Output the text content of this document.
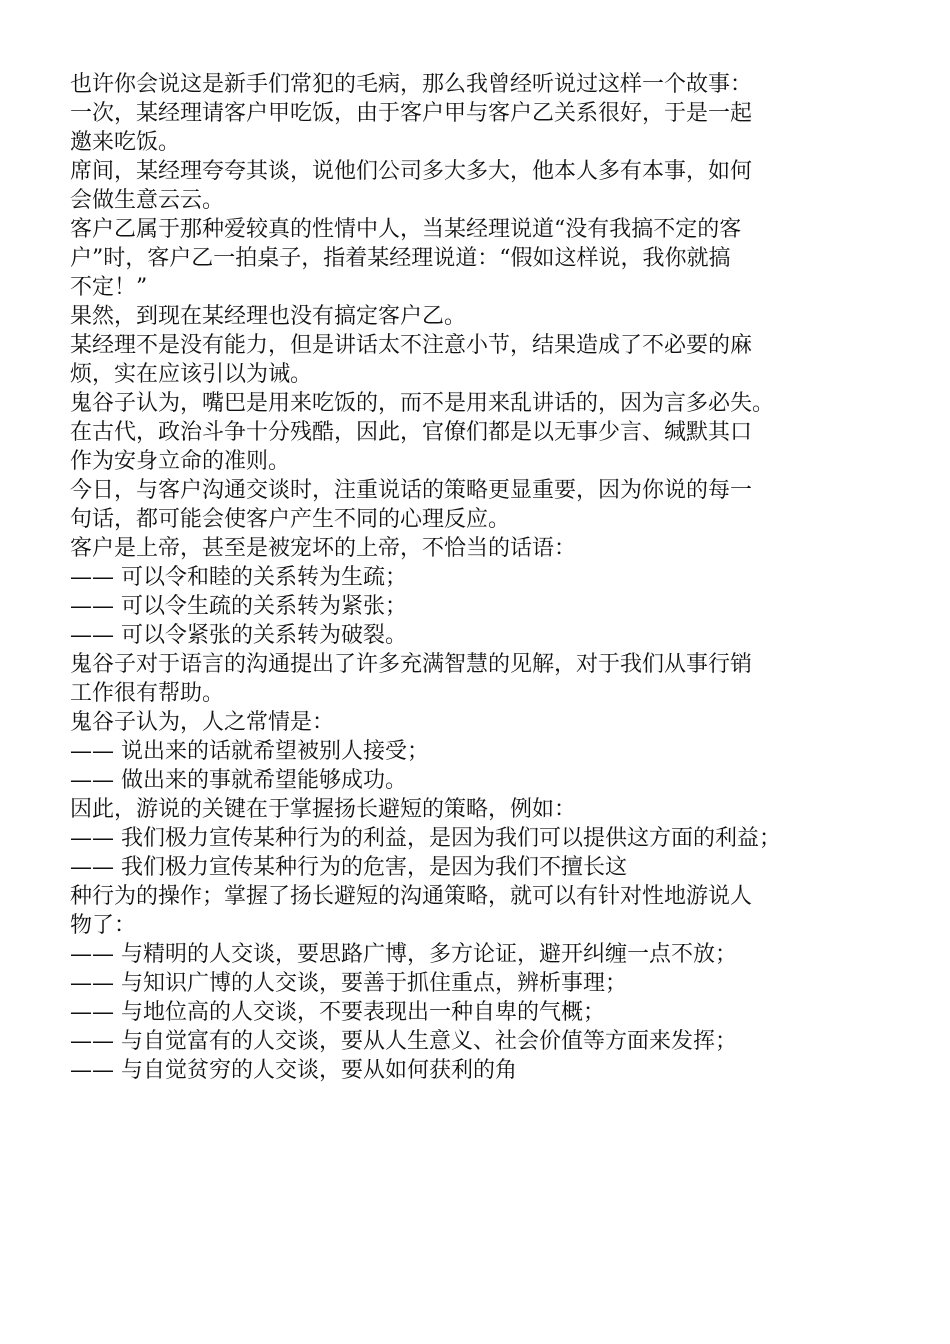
也许你会说这是新手们常犯的毛病，那么我曾经听说过这样一个故事：
一次，某经理请客户甲吃饭，由于客户甲与客户乙关系很好，于是一起
邀来吃饭。
席间，某经理夸夸其谈，说他们公司多大多大，他本人多有本事，如何
会做生意云云。
客户乙属于那种爱较真的性情中人，当某经理说道“没有我搞不定的客
户”时，客户乙一拍桌子，指着某经理说道：“假如这样说，我你就搞
不定！”
果然，到现在某经理也没有搞定客户乙。
某经理不是没有能力，但是讲话太不注意小节，结果造成了不必要的麻
烦，实在应该引以为诫。
鬼谷子认为，嘴巴是用来吃饭的，而不是用来乱讲话的，因为言多必失。
在古代，政治斗争十分残酷，因此，官僚们都是以无事少言、缄默其口
作为安身立命的准则。
今日，与客户沟通交谈时，注重说话的策略更显重要，因为你说的每一
句话，都可能会使客户产生不同的心理反应。
客户是上帝，甚至是被宠坏的上帝，不恰当的话语：
—— 可以令和睦的关系转为生疏；
—— 可以令生疏的关系转为紧张；
—— 可以令紧张的关系转为破裂。
鬼谷子对于语言的沟通提出了许多充满智慧的见解，对于我们从事行销
工作很有帮助。
鬼谷子认为，人之常情是：
—— 说出来的话就希望被别人接受；
—— 做出来的事就希望能够成功。
因此，游说的关键在于掌握扬长避短的策略，例如：
—— 我们极力宣传某种行为的利益，是因为我们可以提供这方面的利益；
—— 我们极力宣传某种行为的危害，是因为我们不擅长这
种行为的操作；掌握了扬长避短的沟通策略，就可以有针对性地游说人
物了：
—— 与精明的人交谈，要思路广博，多方论证，避开纠缠一点不放；
—— 与知识广博的人交谈，要善于抓住重点，辨析事理；
—— 与地位高的人交谈，不要表现出一种自卑的气概；
—— 与自觉富有的人交谈，要从人生意义、社会价值等方面来发挥；
—— 与自觉贫穷的人交谈，要从如何获利的角
